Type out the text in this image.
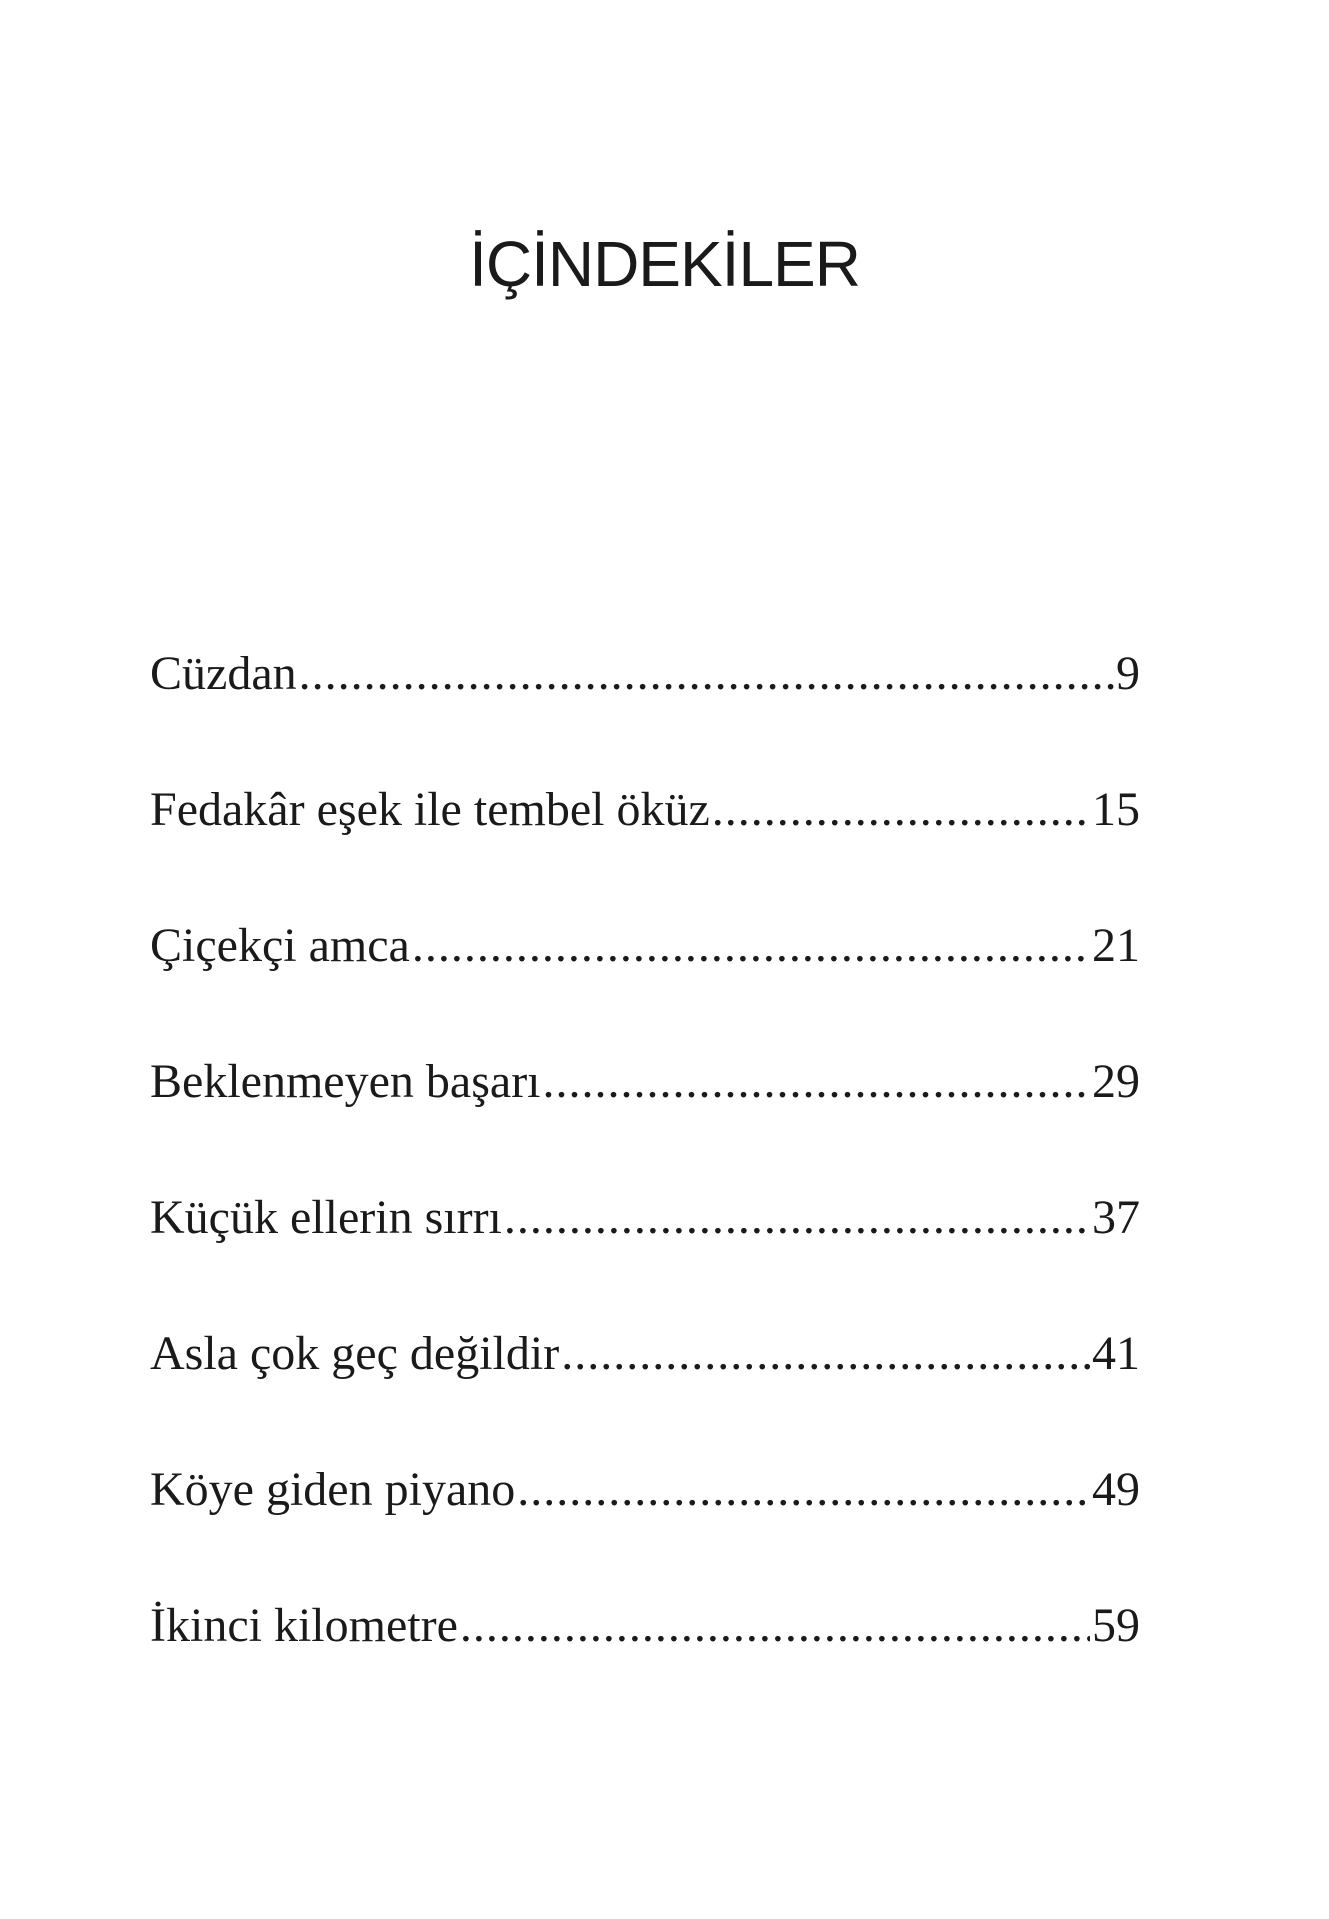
İÇİNDEKİLER
Cüzdan .....	9
Fedakâr eşek ile tembel öküz .....	15
Çiçekçi amca .....	21
Beklenmeyen başarı .....	29
Küçük ellerin sırrı .....	37
Asla çok geç değildir .....	41
Köye giden piyano .....	49
İkinci kilometre .....	59
